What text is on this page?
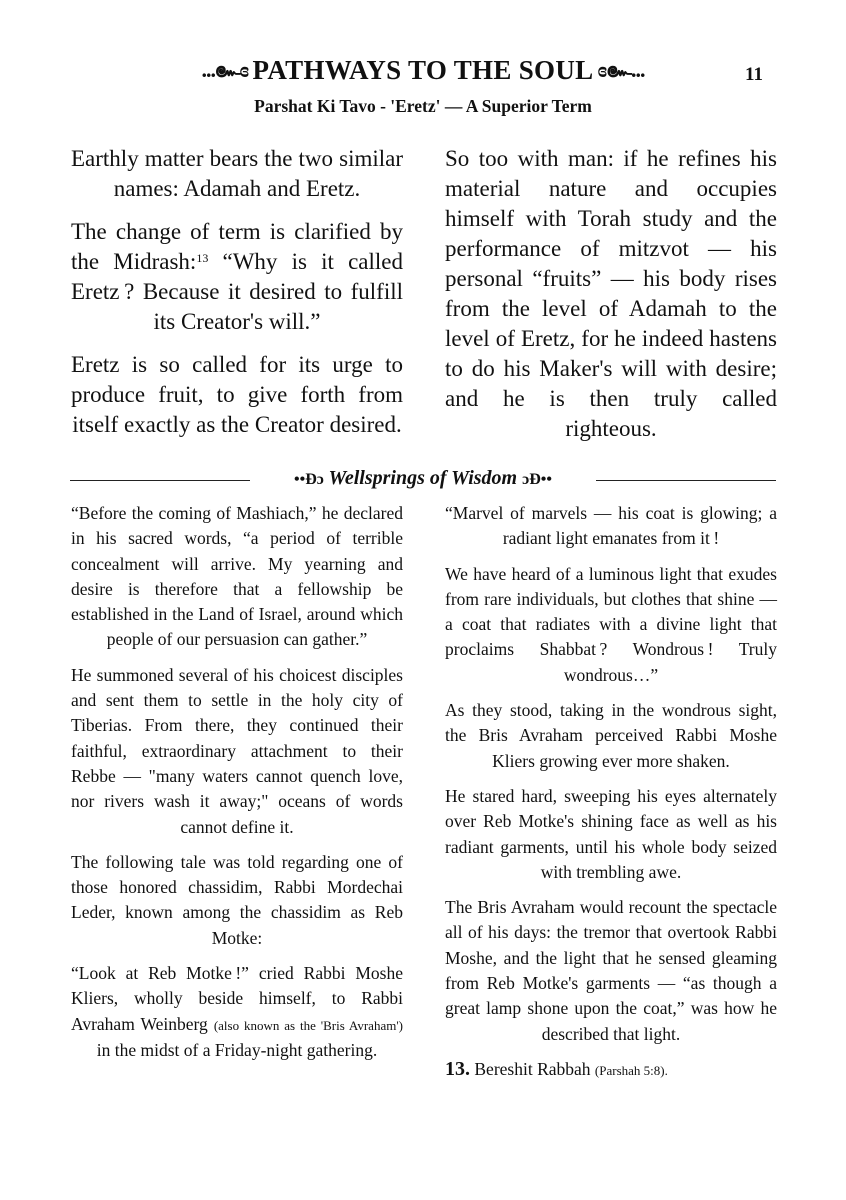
...๛ɞ PATHWAYS TO THE SOUL ɞ๛...	11
Parshat Ki Tavo - 'Eretz' — A Superior Term

Earthly matter bears the two similar names: Adamah and Eretz.

The change of term is clarified by the Midrash:$^{13}$ “Why is it called Eretz ? Because it desired to fulfill its Creator's will.”

Eretz is so called for its urge to produce fruit, to give forth from itself exactly as the Creator desired.

So too with man: if he refines his material nature and occupies himself with Torah study and the performance of mitzvot — his personal “fruits” — his body rises from the level of Adamah to the level of Eretz, for he indeed hastens to do his Maker's will with desire; and he is then truly called righteous.

••Ɖɔ Wellsprings of Wisdom ɔƉ••

“Before the coming of Mashiach,” he declared in his sacred words, “a period of terrible concealment will arrive. My yearning and desire is therefore that a fellowship be established in the Land of Israel, around which people of our persuasion can gather.”

He summoned several of his choicest disciples and sent them to settle in the holy city of Tiberias. From there, they continued their faithful, extraordinary attachment to their Rebbe — "many waters cannot quench love, nor rivers wash it away;" oceans of words cannot define it.

The following tale was told regarding one of those honored chassidim, Rabbi Mordechai Leder, known among the chassidim as Reb Motke:

“Look at Reb Motke !” cried Rabbi Moshe Kliers, wholly beside himself, to Rabbi Avraham Weinberg (also known as the 'Bris Avraham') in the midst of a Friday-night gathering.

“Marvel of marvels — his coat is glowing; a radiant light emanates from it !

We have heard of a luminous light that exudes from rare individuals, but clothes that shine — a coat that radiates with a divine light that proclaims Shabbat ? Wondrous ! Truly wondrous…”

As they stood, taking in the wondrous sight, the Bris Avraham perceived Rabbi Moshe Kliers growing ever more shaken.

He stared hard, sweeping his eyes alternately over Reb Motke's shining face as well as his radiant garments, until his whole body seized with trembling awe.

The Bris Avraham would recount the spectacle all of his days: the tremor that overtook Rabbi Moshe, and the light that he sensed gleaming from Reb Motke's garments — “as though a great lamp shone upon the coat,” was how he described that light.

13. Bereshit Rabbah (Parshah 5:8).
